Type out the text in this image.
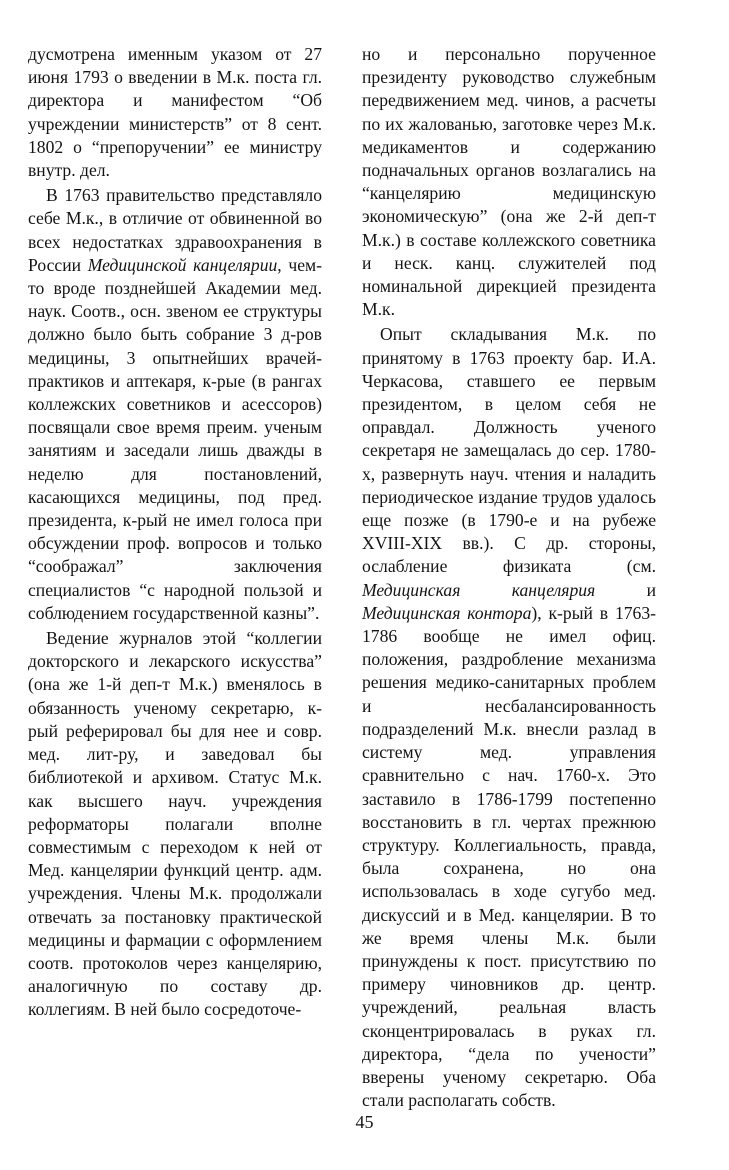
дусмотрена именным указом от 27 июня 1793 о введении в М.к. поста гл. директора и манифестом “Об учреждении министерств” от 8 сент. 1802 о “препоручении” ее министру внутр. дел.

В 1763 правительство представляло себе М.к., в отличие от обвиненной во всех недостатках здравоохранения в России Медицинской канцелярии, чем-то вроде позднейшей Академии мед. наук. Соотв., осн. звеном ее структуры должно было быть собрание 3 д-ров медицины, 3 опытнейших врачей-практиков и аптекаря, к-рые (в рангах коллежских советников и асессоров) посвящали свое время преим. ученым занятиям и заседали лишь дважды в неделю для постановлений, касающихся медицины, под пред. президента, к-рый не имел голоса при обсуждении проф. вопросов и только “соображал” заключения специалистов “с народной пользой и соблюдением государственной казны”.

Ведение журналов этой “коллегии докторского и лекарского искусства” (она же 1-й деп-т М.к.) вменялось в обязанность ученому секретарю, к-рый реферировал бы для нее и совр. мед. лит-ру, и заведовал бы библиотекой и архивом. Статус М.к. как высшего науч. учреждения реформаторы полагали вполне совместимым с переходом к ней от Мед. канцелярии функций центр. адм. учреждения. Члены М.к. продолжали отвечать за постановку практической медицины и фармации с оформлением соотв. протоколов через канцелярию, аналогичную по составу др. коллегиям. В ней было сосредоточе-

но и персонально порученное президенту руководство служебным передвижением мед. чинов, а расчеты по их жалованью, заготовке через М.к. медикаментов и содержанию подначальных органов возлагались на “канцелярию медицинскую экономическую” (она же 2-й деп-т М.к.) в составе коллежского советника и неск. канц. служителей под номинальной дирекцией президента М.к.

Опыт складывания М.к. по принятому в 1763 проекту бар. И.А. Черкасова, ставшего ее первым президентом, в целом себя не оправдал. Должность ученого секретаря не замещалась до сер. 1780-х, развернуть науч. чтения и наладить периодическое издание трудов удалось еще позже (в 1790-е и на рубеже XVIII-XIX вв.). С др. стороны, ослабление физиката (см. Медицинская канцелярия и Медицинская контора), к-рый в 1763-1786 вообще не имел офиц. положения, раздробление механизма решения медико-санитарных проблем и несбалансированность подразделений М.к. внесли разлад в систему мед. управления сравнительно с нач. 1760-х. Это заставило в 1786-1799 постепенно восстановить в гл. чертах прежнюю структуру. Коллегиальность, правда, была сохранена, но она использовалась в ходе сугубо мед. дискуссий и в Мед. канцелярии. В то же время члены М.к. были принуждены к пост. присутствию по примеру чиновников др. центр. учреждений, реальная власть сконцентрировалась в руках гл. директора, “дела по учености” вверены ученому секретарю. Оба стали располагать собств.

45
